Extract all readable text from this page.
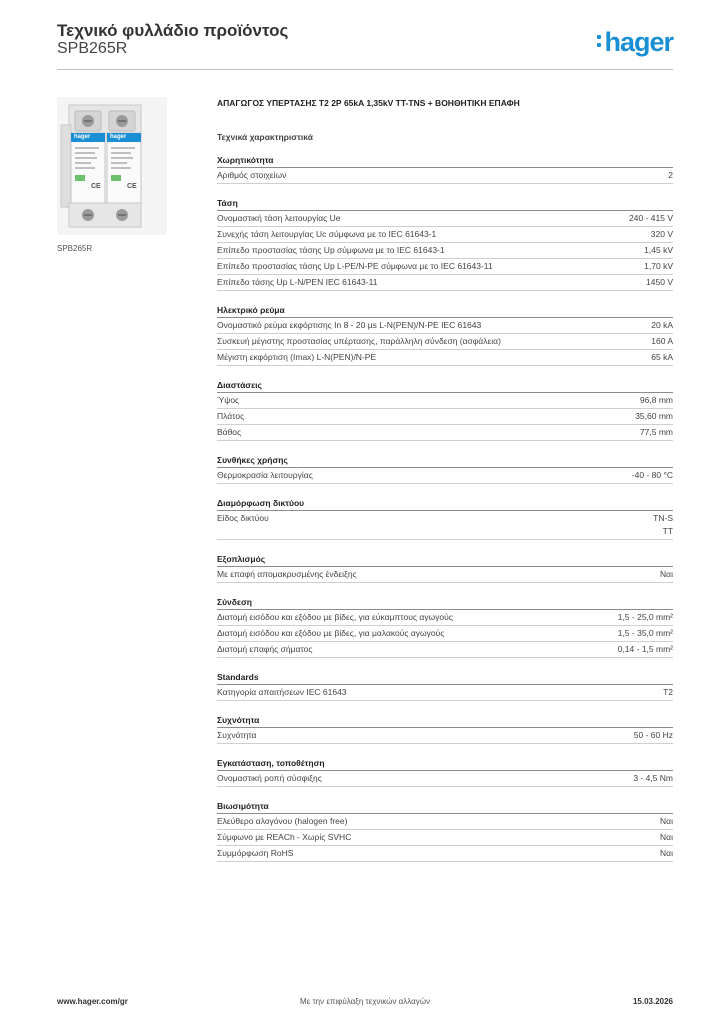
Τεχνικό φυλλάδιο προϊόντος
SPB265R	hager
hager	hager
CE	CE
SPB265R
ΑΠΑΓΩΓΟΣ ΥΠΕΡΤΑΣΗΣ Τ2 2Ρ 65kA 1,35kV TT-TNS + ΒΟΗΘΗΤΙΚΗ ΕΠΑΦΗ
Τεχνικά χαρακτηριστικά
Χωρητικότητα
Αριθμός στοιχείων	2
Τάση
Ονομαστική τάση λειτουργίας Ue	240 - 415 V
Συνεχής τάση λειτουργίας Uc σύμφωνα με το IEC 61643-1	320 V
Επίπεδο προστασίας τάσης Up σύμφωνα με το IEC 61643-1	1,45 kV
Επίπεδο προστασίας τάσης Up L-PE/N-PE σύμφωνα με το IEC 61643-11	1,70 kV
Επίπεδο τάσης Up L-N/PEN IEC 61643-11	1450 V
Ηλεκτρικό ρεύμα
Ονομαστικό ρεύμα εκφόρτισης In 8 - 20 µs L-N(PEN)/N-PE IEC 61643	20 kA
Συσκευή μέγιστης προστασίας υπέρτασης, παράλληλη σύνδεση (ασφάλεια)	160 A
Μέγιστη εκφόρτιση (Imax) L-N(PEN)/N-PE	65 kA
Διαστάσεις
Ύψος	96,8 mm
Πλάτος	35,60 mm
Βάθος	77,5 mm
Συνθήκες χρήσης
Θερμοκρασία λειτουργίας	-40 - 80 °C
Διαμόρφωση δικτύου
Είδος δικτύου	TN-S
TT
Εξοπλισμός
Με επαφή απομακρυσμένης ένδειξης	Ναι
Σύνδεση
Διατομή εισόδου και εξόδου με βίδες, για εύκαμπτους αγωγούς	1,5 - 25,0 mm²
Διατομή εισόδου και εξόδου με βίδες, για μαλακούς αγωγούς	1,5 - 35,0 mm²
Διατομή επαφής σήματος	0,14 - 1,5 mm²
Standards
Κατηγορία απαιτήσεων IEC 61643	T2
Συχνότητα
Συχνότητα	50 - 60 Hz
Εγκατάσταση, τοποθέτηση
Ονομαστική ροπή σύσφιξης	3 - 4,5 Nm
Βιωσιμότητα
Ελεύθερο αλογόνου (halogen free)	Ναι
Σύμφωνο με REACh - Χωρίς SVHC	Ναι
Συμμόρφωση RoHS	Ναι
www.hager.com/gr	Με την επιφύλαξη τεχνικών αλλαγών	15.03.2026
